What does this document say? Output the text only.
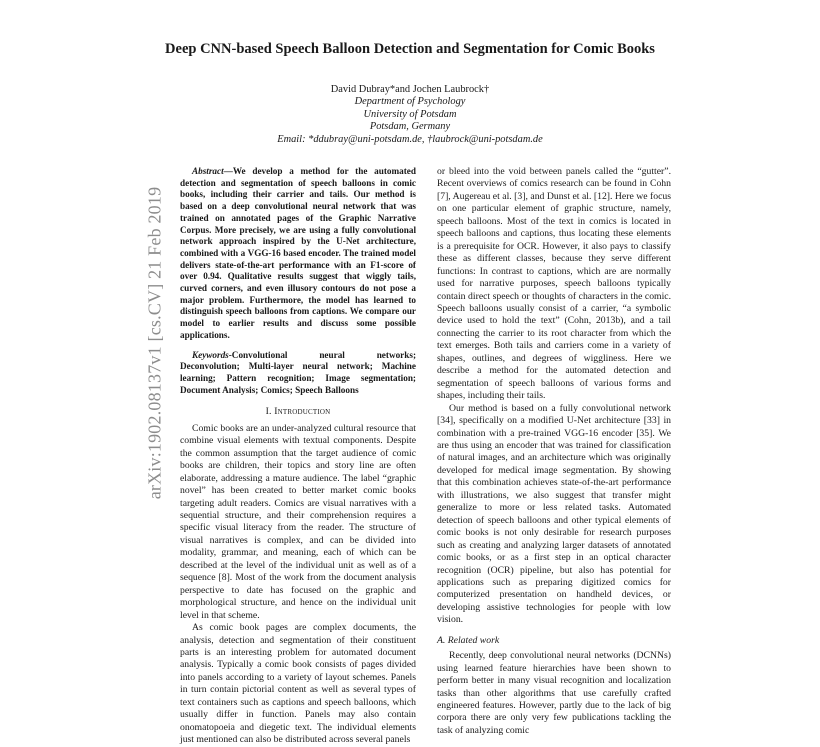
Deep CNN-based Speech Balloon Detection and Segmentation for Comic Books
David Dubray*and Jochen Laubrock†
Department of Psychology
University of Potsdam
Potsdam, Germany
Email: *ddubray@uni-potsdam.de, †laubrock@uni-potsdam.de
arXiv:1902.08137v1 [cs.CV] 21 Feb 2019

Abstract—We develop a method for the automated detection and segmentation of speech balloons in comic books, including their carrier and tails. Our method is based on a deep convolutional neural network that was trained on annotated pages of the Graphic Narrative Corpus. More precisely, we are using a fully convolutional network approach inspired by the U-Net architecture, combined with a VGG-16 based encoder. The trained model delivers state-of-the-art performance with an F1-score of over 0.94. Qualitative results suggest that wiggly tails, curved corners, and even illusory contours do not pose a major problem. Furthermore, the model has learned to distinguish speech balloons from captions. We compare our model to earlier results and discuss some possible applications.

Keywords-Convolutional neural networks; Deconvolution; Multi-layer neural network; Machine learning; Pattern recognition; Image segmentation; Document Analysis; Comics; Speech Balloons

I. Introduction

Comic books are an under-analyzed cultural resource that combine visual elements with textual components. Despite the common assumption that the target audience of comic books are children, their topics and story line are often elaborate, addressing a mature audience. The label “graphic novel” has been created to better market comic books targeting adult readers. Comics are visual narratives with a sequential structure, and their comprehension requires a specific visual literacy from the reader. The structure of visual narratives is complex, and can be divided into modality, grammar, and meaning, each of which can be described at the level of the individual unit as well as of a sequence [8]. Most of the work from the document analysis perspective to date has focused on the graphic and morphological structure, and hence on the individual unit level in that scheme.

As comic book pages are complex documents, the analysis, detection and segmentation of their constituent parts is an interesting problem for automated document analysis. Typically a comic book consists of pages divided into panels according to a variety of layout schemes. Panels in turn contain pictorial content as well as several types of text containers such as captions and speech balloons, which usually differ in function. Panels may also contain onomatopoeia and diegetic text. The individual elements just mentioned can also be distributed across several panels

or bleed into the void between panels called the “gutter”. Recent overviews of comics research can be found in Cohn [7], Augereau et al. [3], and Dunst et al. [12]. Here we focus on one particular element of graphic structure, namely, speech balloons. Most of the text in comics is located in speech balloons and captions, thus locating these elements is a prerequisite for OCR. However, it also pays to classify these as different classes, because they serve different functions: In contrast to captions, which are are normally used for narrative purposes, speech balloons typically contain direct speech or thoughts of characters in the comic. Speech balloons usually consist of a carrier, “a symbolic device used to hold the text” (Cohn, 2013b), and a tail connecting the carrier to its root character from which the text emerges. Both tails and carriers come in a variety of shapes, outlines, and degrees of wiggliness. Here we describe a method for the automated detection and segmentation of speech balloons of various forms and shapes, including their tails.

Our method is based on a fully convolutional network [34], specifically on a modified U-Net architecture [33] in combination with a pre-trained VGG-16 encoder [35]. We are thus using an encoder that was trained for classification of natural images, and an architecture which was originally developed for medical image segmentation. By showing that this combination achieves state-of-the-art performance with illustrations, we also suggest that transfer might generalize to more or less related tasks. Automated detection of speech balloons and other typical elements of comic books is not only desirable for research purposes such as creating and analyzing larger datasets of annotated comic books, or as a first step in an optical character recognition (OCR) pipeline, but also has potential for applications such as preparing digitized comics for computerized presentation on handheld devices, or developing assistive technologies for people with low vision.

A. Related work

Recently, deep convolutional neural networks (DCNNs) using learned feature hierarchies have been shown to perform better in many visual recognition and localization tasks than other algorithms that use carefully crafted engineered features. However, partly due to the lack of big corpora there are only very few publications tackling the task of analyzing comic
